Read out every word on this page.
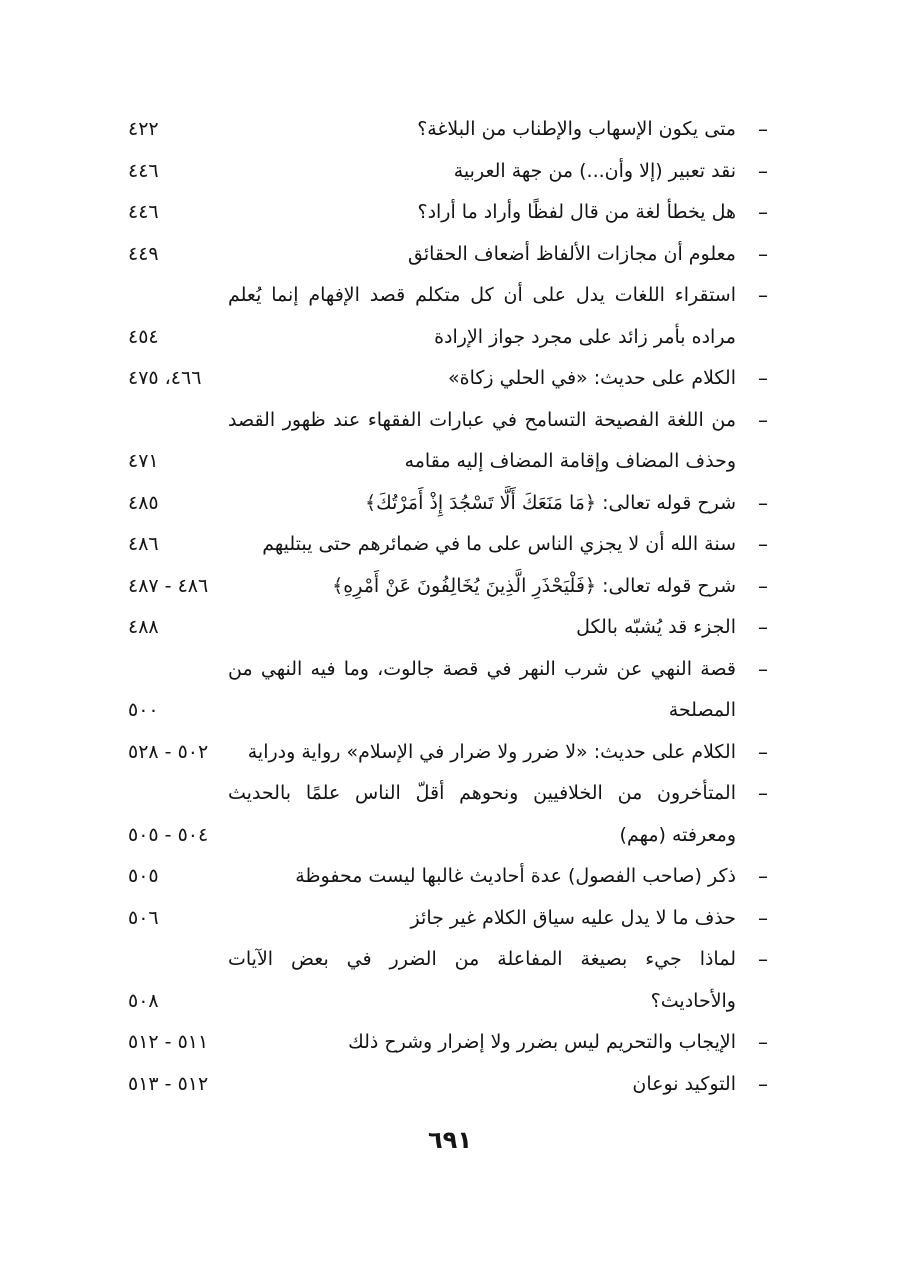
–
متى يكون الإسهاب والإطناب من البلاغة؟
٤٢٢
–
نقد تعبير (إلا وأن...) من جهة العربية
٤٤٦
–
هل يخطأ لغة من قال لفظًا وأراد ما أراد؟
٤٤٦
–
معلوم أن مجازات الألفاظ أضعاف الحقائق
٤٤٩
–
استقراء اللغات يدل على أن كل متكلم قصد الإفهام إنما يُعلم
مراده بأمر زائد على مجرد جواز الإرادة
٤٥٤
–
الكلام على حديث: «في الحلي زكاة»
٤٦٦، ٤٧٥
–
من اللغة الفصيحة التسامح في عبارات الفقهاء عند ظهور القصد
وحذف المضاف وإقامة المضاف إليه مقامه
٤٧١
–
شرح قوله تعالى: ﴿مَا مَنَعَكَ أَلَّا تَسْجُدَ إِذْ أَمَرْتُكَ﴾
٤٨٥
–
سنة الله أن لا يجزي الناس على ما في ضمائرهم حتى يبتليهم
٤٨٦
–
شرح قوله تعالى: ﴿فَلْيَحْذَرِ الَّذِينَ يُخَالِفُونَ عَنْ أَمْرِهِ﴾
٤٨٦ - ٤٨٧
–
الجزء قد يُشبّه بالكل
٤٨٨
–
قصة النهي عن شرب النهر في قصة جالوت، وما فيه النهي من
المصلحة
٥٠٠
–
الكلام على حديث: «لا ضرر ولا ضرار في الإسلام» رواية ودراية
٥٠٢ - ٥٢٨
–
المتأخرون من الخلافيين ونحوهم أقلّ الناس علمًا بالحديث
ومعرفته (مهم)
٥٠٤ - ٥٠٥
–
ذكر (صاحب الفصول) عدة أحاديث غالبها ليست محفوظة
٥٠٥
–
حذف ما لا يدل عليه سياق الكلام غير جائز
٥٠٦
–
لماذا جيء بصيغة المفاعلة من الضرر في بعض الآيات
والأحاديث؟
٥٠٨
–
الإيجاب والتحريم ليس بضرر ولا إضرار وشرح ذلك
٥١١ - ٥١٢
–
التوكيد نوعان
٥١٢ - ٥١٣
٦٩١
